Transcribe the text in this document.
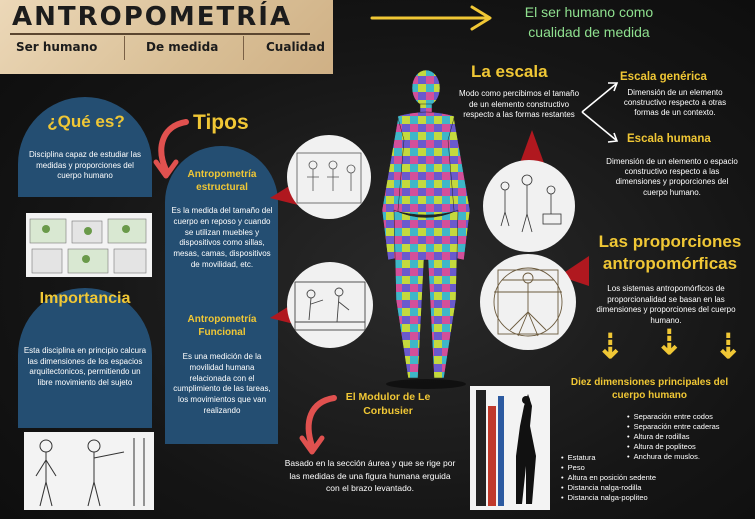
ANTROPOMETRÍA
Ser humano	De medida	Cualidad
El ser humano como cualidad de medida
¿Qué es?
Disciplina capaz de estudiar las medidas y proporciones del cuerpo humano
Importancia
Esta disciplina en principio calcura las dimensiones de los espacios arquitectonicos, permitiendo un libre movimiento del sujeto
Tipos
Antropometría estructural
Es la medida del tamaño del cuerpo en reposo y cuando se utilizan muebles y dispositivos como sillas, mesas, camas, dispositivos de movilidad, etc.
Antropometría Funcional
Es una medición de la movilidad humana relacionada con el cumplimiento de las tareas, los movimientos que van realizando
La escala
Modo como percibimos el tamaño de un elemento constructivo respecto a las formas restantes
Escala genérica
Dimensión de un elemento constructivo respecto a otras formas de un contexto.
Escala humana
Dimensión de un elemento o espacio constructivo respecto a las dimensiones y proporciones del cuerpo humano.
Las proporciones antropomórficas
Los sistemas antropomórficos de proporcionalidad se basan en las dimensiones y proporciones del cuerpo humano.
⇣ ⇣ ⇣
Diez dimensiones principales del cuerpo humano
• Separación entre codos
• Separación entre caderas
• Altura de rodillas
• Altura de popliteos
• Anchura de muslos.
• Estatura
• Peso
• Altura en posición sedente
• Distancia nalga-rodilla
• Distancia nalga-popliteo
El Modulor de Le Corbusier
Basado en la sección áurea y que se rige por las medidas de una figura humana erguida con el brazo levantado.
